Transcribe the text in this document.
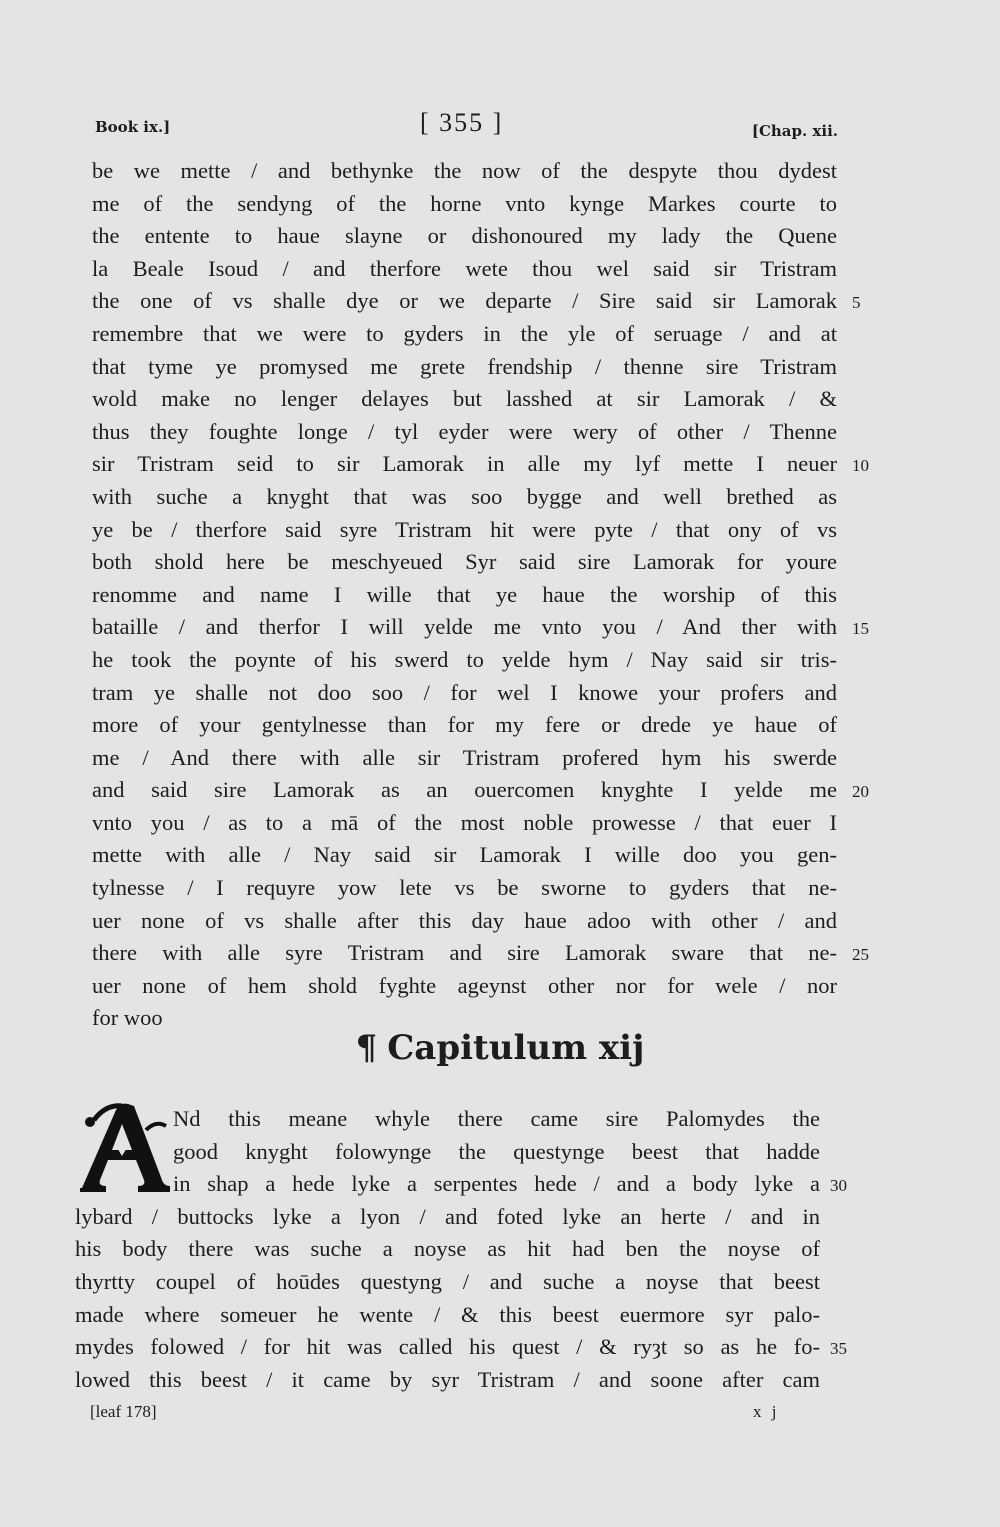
Book ix.]	[ 355 ]	[Chap. xii.
be we mette / and bethynke the now of the despyte thou dydest
me of the sendyng of the horne vnto kynge Markes courte to
the entente to haue slayne or dishonoured my lady the Quene
la Beale Isoud / and therfore wete thou wel said sir Tristram
the one of vs shalle dye or we departe / Sire said sir Lamorak 5
remembre that we were to gyders in the yle of seruage / and at
that tyme ye promysed me grete frendship / thenne sire Tristram
wold make no lenger delayes but lasshed at sir Lamorak / &
thus they foughte longe / tyl eyder were wery of other / Thenne
sir Tristram seid to sir Lamorak in alle my lyf mette I neuer 10
with suche a knyght that was soo bygge and well brethed as
ye be / therfore said syre Tristram hit were pyte / that ony of vs
both shold here be meschyeued Syr said sire Lamorak for youre
renomme and name I wille that ye haue the worship of this
bataille / and therfor I will yelde me vnto you / And ther with 15
he took the poynte of his swerd to yelde hym / Nay said sir tris-
tram ye shalle not doo soo / for wel I knowe your profers and
more of your gentylnesse than for my fere or drede ye haue of
me / And there with alle sir Tristram profered hym his swerde
and said sire Lamorak as an ouercomen knyghte I yelde me 20
vnto you / as to a mā of the most noble prowesse / that euer I
mette with alle / Nay said sir Lamorak I wille doo you gen-
tylnesse / I requyre yow lete vs be sworne to gyders that ne-
uer none of vs shalle after this day haue adoo with other / and
there with alle syre Tristram and sire Lamorak sware that ne- 25
uer none of hem shold fyghte ageynst other nor for wele / nor
for woo
¶ Capitulum xij
Nd this meane whyle there came sire Palomydes the
good knyght folowynge the questynge beest that hadde
in shap a hede lyke a serpentes hede / and a body lyke a 30
lybard / buttocks lyke a lyon / and foted lyke an herte / and in
his body there was suche a noyse as hit had ben the noyse of
thyrtty coupel of hoūdes questyng / and suche a noyse that beest
made where someuer he wente / & this beest euermore syr palo-
mydes folowed / for hit was called his quest / & ryȝt so as he fo- 35
lowed this beest / it came by syr Tristram / and soone after cam
[leaf 178]	x j
